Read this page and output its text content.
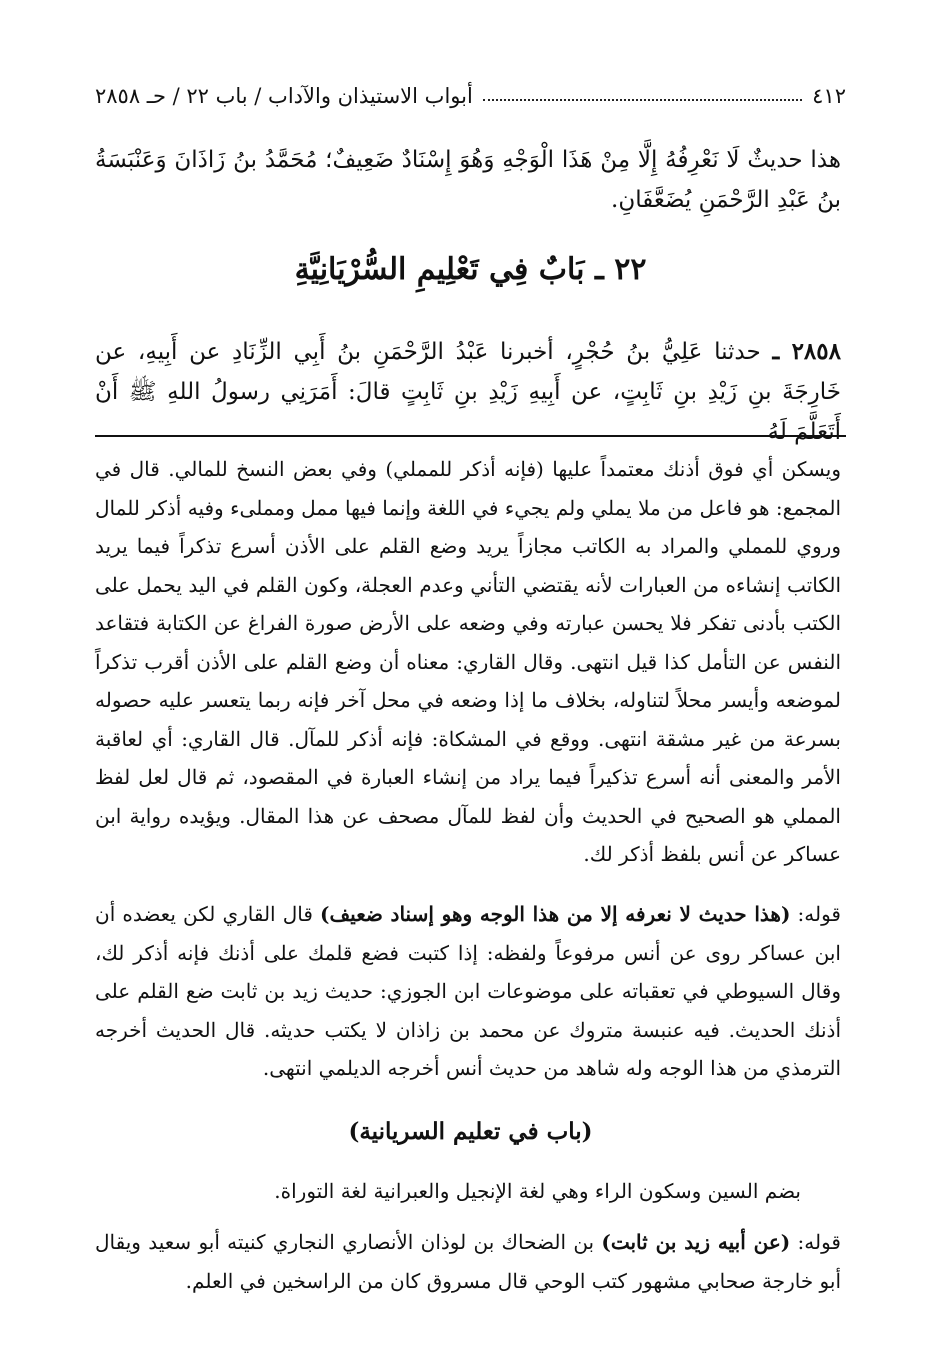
٤١٢
أبواب الاستيذان والآداب / باب ٢٢ / حـ ٢٨٥٨
هذا حديثٌ لَا نَعْرِفُهُ إِلَّا مِنْ هَذَا الْوَجْهِ وَهُوَ إِسْنَادٌ ضَعِيفٌ؛ مُحَمَّدُ بنُ زَاذَانَ وَعَنْبَسَةُ بنُ عَبْدِ الرَّحْمَنِ يُضَعَّفَانِ.
٢٢ ـ بَابٌ فِي تَعْلِيمِ السُّرْيَانِيَّةِ
٢٨٥٨ ـ حدثنا عَلِيُّ بنُ حُجْرٍ، أخبرنا عَبْدُ الرَّحْمَنِ بنُ أَبِي الزِّنَادِ عن أَبِيهِ، عن خَارِجَةَ بنِ زَيْدِ بنِ ثَابِتٍ، عن أَبِيهِ زَيْدِ بنِ ثَابِتٍ قالَ: أَمَرَنِي رسولُ اللهِ ﷺ أَنْ أَتَعَلَّمَ لَهُ

ويسكن أي فوق أذنك معتمداً عليها (فإنه أذكر للمملي) وفي بعض النسخ للمالي. قال في المجمع: هو فاعل من ملا يملي ولم يجيء في اللغة وإنما فيها ممل ومملىء وفيه أذكر للمال وروي للمملي والمراد به الكاتب مجازاً يريد وضع القلم على الأذن أسرع تذكراً فيما يريد الكاتب إنشاءه من العبارات لأنه يقتضي التأني وعدم العجلة، وكون القلم في اليد يحمل على الكتب بأدنى تفكر فلا يحسن عبارته وفي وضعه على الأرض صورة الفراغ عن الكتابة فتقاعد النفس عن التأمل كذا قيل انتهى. وقال القاري: معناه أن وضع القلم على الأذن أقرب تذكراً لموضعه وأيسر محلاً لتناوله، بخلاف ما إذا وضعه في محل آخر فإنه ربما يتعسر عليه حصوله بسرعة من غير مشقة انتهى. ووقع في المشكاة: فإنه أذكر للمآل. قال القاري: أي لعاقبة الأمر والمعنى أنه أسرع تذكيراً فيما يراد من إنشاء العبارة في المقصود، ثم قال لعل لفظ المملي هو الصحيح في الحديث وأن لفظ للمآل مصحف عن هذا المقال. ويؤيده رواية ابن عساكر عن أنس بلفظ أذكر لك.

قوله: (هذا حديث لا نعرفه إلا من هذا الوجه وهو إسناد ضعيف) قال القاري لكن يعضده أن ابن عساكر روى عن أنس مرفوعاً ولفظه: إذا كتبت فضع قلمك على أذنك فإنه أذكر لك، وقال السيوطي في تعقباته على موضوعات ابن الجوزي: حديث زيد بن ثابت ضع القلم على أذنك الحديث. فيه عنبسة متروك عن محمد بن زاذان لا يكتب حديثه. قال الحديث أخرجه الترمذي من هذا الوجه وله شاهد من حديث أنس أخرجه الديلمي انتهى.

(باب في تعليم السريانية)

بضم السين وسكون الراء وهي لغة الإنجيل والعبرانية لغة التوراة.

قوله: (عن أبيه زيد بن ثابت) بن الضحاك بن لوذان الأنصاري النجاري كنيته أبو سعيد ويقال أبو خارجة صحابي مشهور كتب الوحي قال مسروق كان من الراسخين في العلم.
